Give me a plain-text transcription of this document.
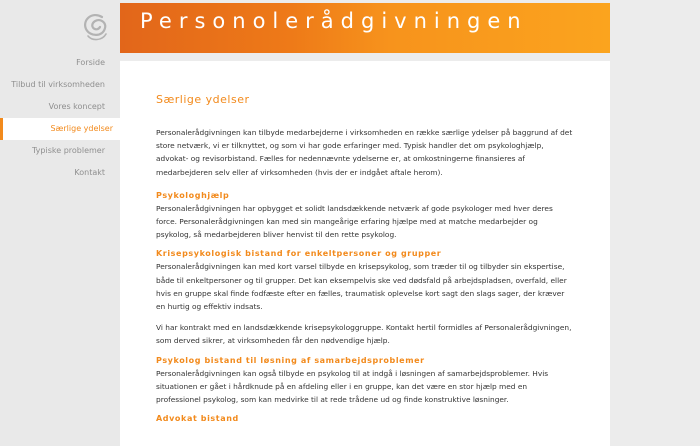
Forside
Tilbud til virksomheden
Vores koncept
Særlige ydelser
Typiske problemer
Kontakt
Personolerådgivningen
Særlige ydelser

Personalerådgivningen kan tilbyde medarbejderne i virksomheden en række særlige ydelser på baggrund af det store netværk, vi er tilknyttet, og som vi har gode erfaringer med. Typisk handler det om psykologhjælp, advokat- og revisorbistand. Fælles for nedennævnte ydelserne er, at omkostningerne finansieres af medarbejderen selv eller af virksomheden (hvis der er indgået aftale herom).

Psykologhjælp

Personalerådgivningen har opbygget et solidt landsdækkende netværk af gode psykologer med hver deres force. Personalerådgivningen kan med sin mangeårige erfaring hjælpe med at matche medarbejder og psykolog, så medarbejderen bliver henvist til den rette psykolog.

Krisepsykologisk bistand for enkeltpersoner og grupper

Personalerådgivningen kan med kort varsel tilbyde en krisepsykolog, som træder til og tilbyder sin ekspertise, både til enkeltpersoner og til grupper. Det kan eksempelvis ske ved dødsfald på arbejdspladsen, overfald, eller hvis en gruppe skal finde fodfæste efter en fælles, traumatisk oplevelse kort sagt den slags sager, der kræver en hurtig og effektiv indsats.

Vi har kontrakt med en landsdækkende krisepsykologgruppe. Kontakt hertil formidles af Personalerådgivningen, som derved sikrer, at virksomheden får den nødvendige hjælp.

Psykolog bistand til løsning af samarbejdsproblemer

Personalerådgivningen kan også tilbyde en psykolog til at indgå i løsningen af samarbejdsproblemer. Hvis situationen er gået i hårdknude på en afdeling eller i en gruppe, kan det være en stor hjælp med en professionel psykolog, som kan medvirke til at rede trådene ud og finde konstruktive løsninger.

Advokat bistand
